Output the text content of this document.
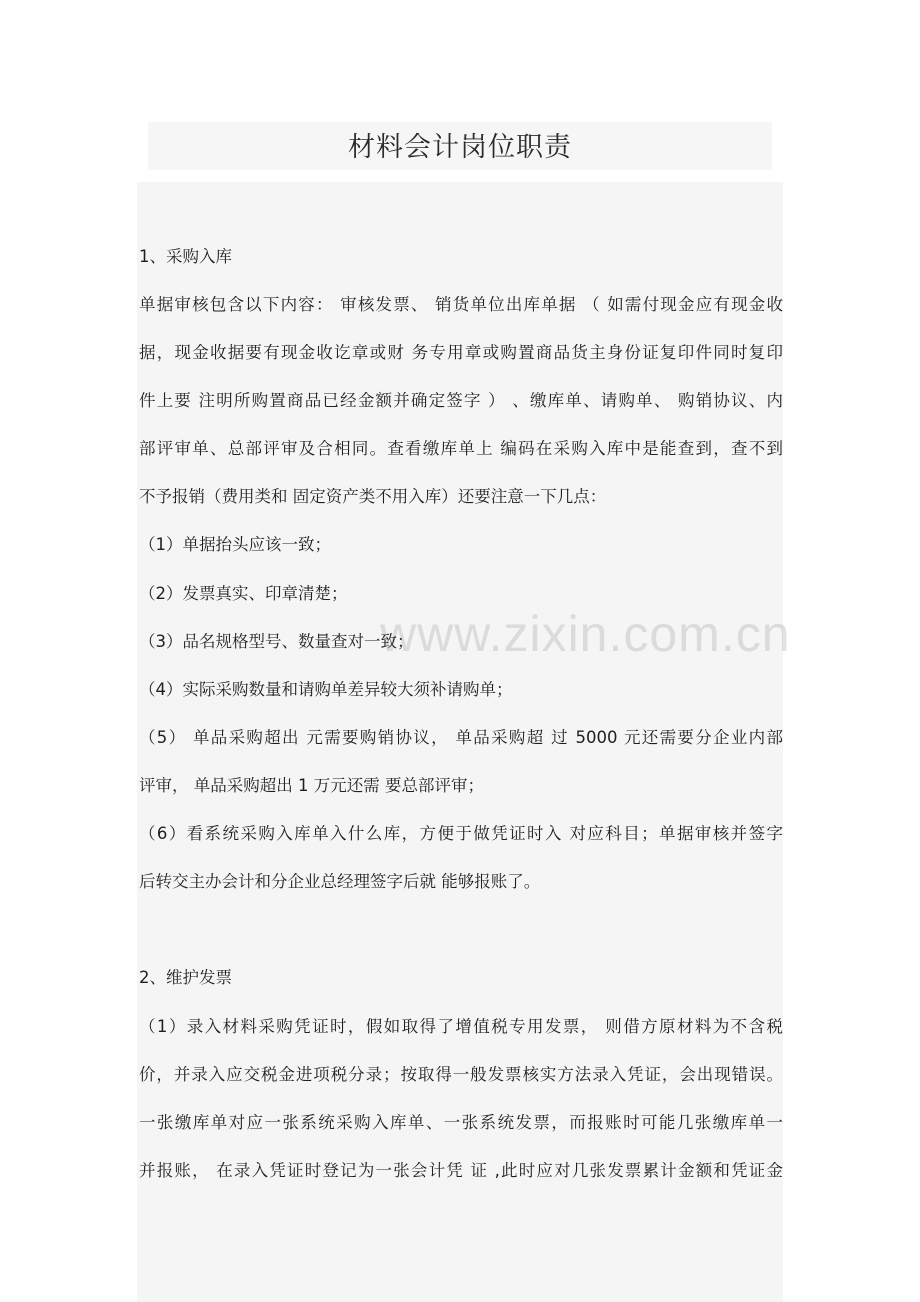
材料会计岗位职责
www.zixin.com.cn
1、采购入库
单据审核包含以下内容： 审核发票、 销货单位出库单据 （ 如需付现金应有现金收
据，现金收据要有现金收讫章或财 务专用章或购置商品货主身份证复印件同时复印
件上要 注明所购置商品已经金额并确定签字 ） 、缴库单、请购单、 购销协议、内
部评审单、总部评审及合相同。查看缴库单上 编码在采购入库中是能查到，查不到
不予报销（费用类和 固定资产类不用入库）还要注意一下几点：
（1）单据抬头应该一致；
（2）发票真实、印章清楚；
（3）品名规格型号、数量查对一致；
（4）实际采购数量和请购单差异较大须补请购单；
（5） 单品采购超出 元需要购销协议， 单品采购超 过 5000 元还需要分企业内部
评审， 单品采购超出 1 万元还需 要总部评审；
（6）看系统采购入库单入什么库，方便于做凭证时入 对应科目；单据审核并签字
后转交主办会计和分企业总经理签字后就 能够报账了。
2、维护发票
（1）录入材料采购凭证时，假如取得了增值税专用发票， 则借方原材料为不含税
价，并录入应交税金进项税分录；按取得一般发票核实方法录入凭证，会出现错误。
一张缴库单对应一张系统采购入库单、一张系统发票，而报账时可能几张缴库单一
并报账， 在录入凭证时登记为一张会计凭 证 ,此时应对几张发票累计金额和凭证金
